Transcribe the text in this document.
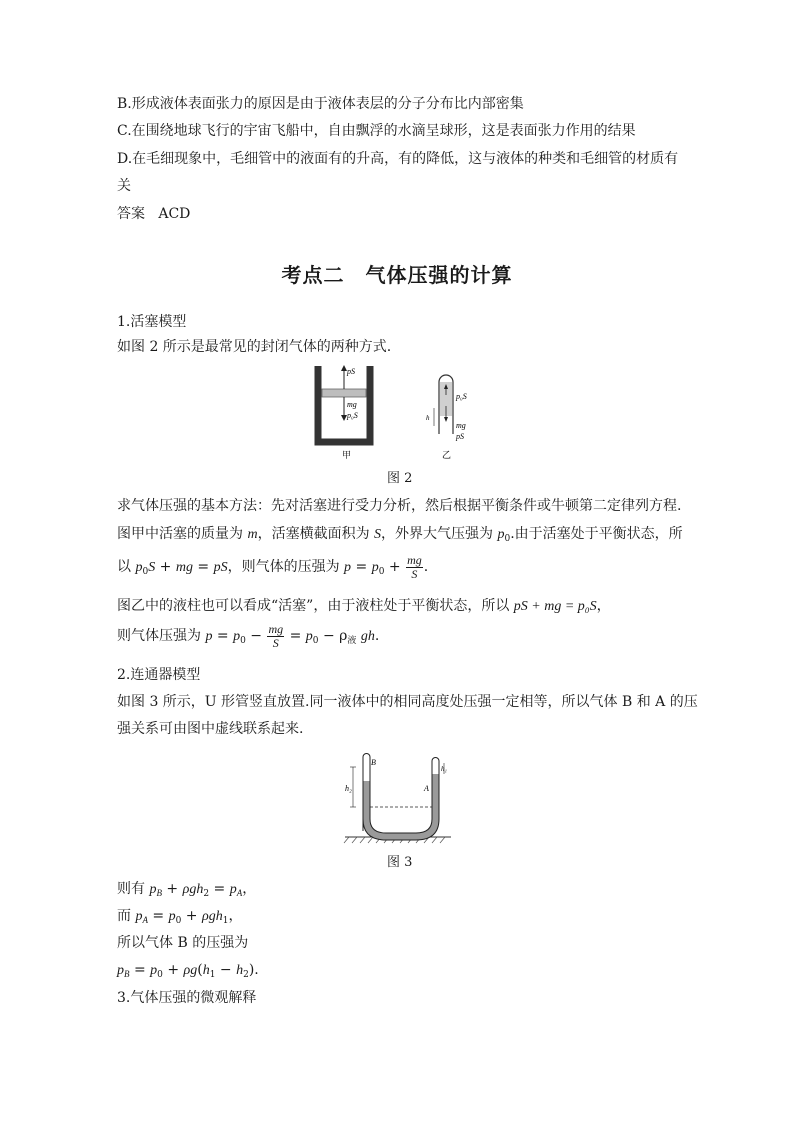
B.形成液体表面张力的原因是由于液体表层的分子分布比内部密集
C.在围绕地球飞行的宇宙飞船中，自由飘浮的水滴呈球形，这是表面张力作用的结果
D.在毛细现象中，毛细管中的液面有的升高，有的降低，这与液体的种类和毛细管的材质有
关
答案 ACD
考点二　气体压强的计算
1.活塞模型
如图 2 所示是最常见的封闭气体的两种方式.
pS
mg
p₀S
甲
h
p₀S
mg
pS
乙
图 2
求气体压强的基本方法：先对活塞进行受力分析，然后根据平衡条件或牛顿第二定律列方程.
图甲中活塞的质量为 m，活塞横截面积为 S，外界大气压强为 $p_0$.由于活塞处于平衡状态，所
以 $p_0S$ + mg = pS，则气体的压强为 $p = p_0 + \frac{mg}{S}$ .
图乙中的液柱也可以看成“活塞”，由于液柱处于平衡状态，所以 pS + mg = p₀S，
则气体压强为 $p = p_0 - \frac{mg}{S} = p_0 - \rho_液$ gh.
2.连通器模型
如图 3 所示，U 形管竖直放置.同一液体中的相同高度处压强一定相等，所以气体 B 和 A 的压
强关系可由图中虚线联系起来.
h₂
h₁
B
A
图 3
则有 $p_B + \rho gh_2 = p_A$，
而 $p_A = p_0 + \rho gh_1$，
所以气体 B 的压强为
$p_B = p_0 + \rho g(h_1 - h_2)$.
3.气体压强的微观解释
